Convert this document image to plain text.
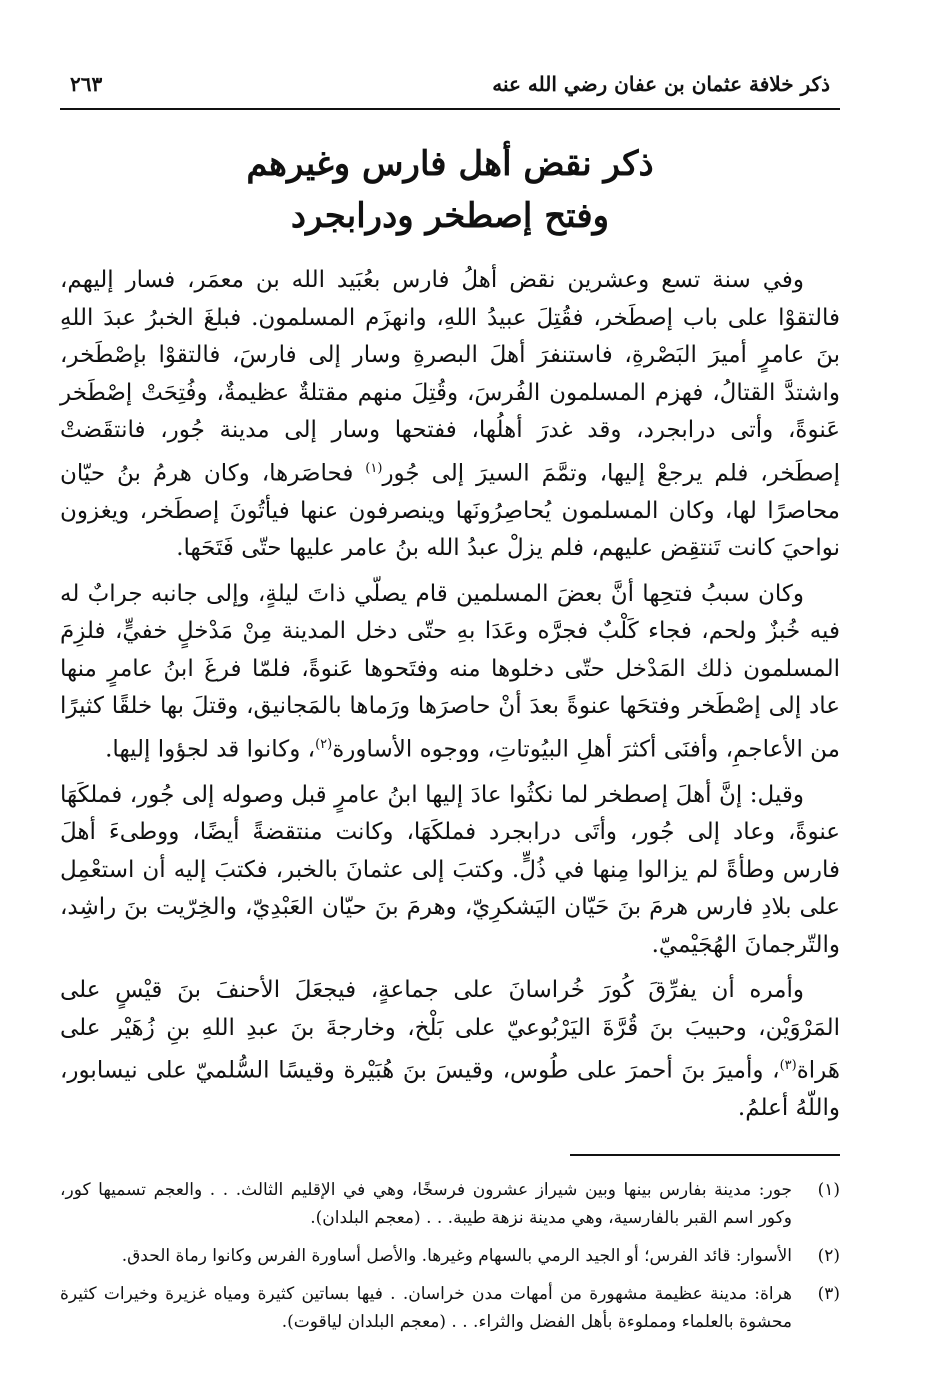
ذكر خلافة عثمان بن عفان رضي الله عنه
٢٦٣
ذكر نقض أهل فارس وغيرهم
وفتح إصطخر ودرابجرد

وفي سنة تسع وعشرين نقض أهلُ فارس بعُبَيد الله بن معمَر، فسار إليهم، فالتقوْا على باب إصطَخر، فقُتِلَ عبيدُ اللهِ، وانهزَم المسلمون. فبلغَ الخبرُ عبدَ اللهِ بنَ عامرٍ أميرَ البَصْرةِ، فاستنفرَ أهلَ البصرةِ وسار إلى فارسَ، فالتقوْا بإصْطَخر، واشتدَّ القتالُ، فهزم المسلمون الفُرسَ، وقُتِلَ منهم مقتلةٌ عظيمةٌ، وفُتِحَتْ إصْطَخر عَنوةً، وأتى درابجرد، وقد غدرَ أهلُها، ففتحها وسار إلى مدينة جُور، فانتقَضتْ إصطَخر، فلم يرجعْ إليها، وتمَّمَ السيرَ إلى جُور$^{(١)}$ فحاصَرها، وكان هرمُ بنُ حيّان محاصرًا لها، وكان المسلمون يُحاصِرُونَها وينصرفون عنها فيأتُونَ إصطَخر، ويغزون نواحيَ كانت تَنتقِض عليهم، فلم يزلْ عبدُ الله بنُ عامر عليها حتّى فَتَحَها.

وكان سببُ فتحِها أنَّ بعضَ المسلمين قام يصلّي ذاتَ ليلةٍ، وإلى جانبه جرابٌ له فيه خُبزٌ ولحم، فجاء كَلْبٌ فجرَّه وعَدَا بهِ حتّى دخل المدينة مِنْ مَدْخلٍ خفيٍّ، فلزِمَ المسلمون ذلك المَدْخل حتّى دخلوها منه وفتَحوها عَنوةً، فلمّا فرغَ ابنُ عامرٍ منها عاد إلى إصْطَخر وفتحَها عنوةً بعدَ أنْ حاصرَها ورَماها بالمَجانيق، وقتلَ بها خلقًا كثيرًا من الأعاجمِ، وأفنَى أكثرَ أهلِ البيُوتاتِ، ووجوه الأساورة$^{(٢)}$، وكانوا قد لجؤوا إليها.

وقيل: إنَّ أهلَ إصطخر لما نكثُوا عادَ إليها ابنُ عامرٍ قبل وصوله إلى جُور، فملكَهَا عنوةً، وعاد إلى جُور، وأتَى درابجرد فملكَهَا، وكانت منتقضةً أيضًا، ووطىءَ أهلَ فارس وطأةً لم يزالوا مِنها في ذُلٍّ. وكتبَ إلى عثمانَ بالخبر، فكتبَ إليه أن استعْمِل على بلادِ فارس هرمَ بنَ حَيّان اليَشكرِيّ، وهرمَ بنَ حيّان العَبْدِيّ، والخِرّيت بنَ راشِد، والتّرجمانَ الهُجَيْميّ.

وأمره أن يفرِّقَ كُورَ خُراسانَ على جماعةٍ، فيجعَلَ الأحنفَ بنَ قيْسٍ على المَرْوَيْن، وحبيبَ بنَ قُرَّةَ اليَرْبُوعيّ على بَلْخ، وخارجةَ بنَ عبدِ اللهِ بنِ زُهَيْر على هَراة$^{(٣)}$، وأميرَ بنَ أحمرَ على طُوس، وقيسَ بنَ هُبَيْرة وقيسًا السُّلميّ على نيسابور، واللّهُ أعلمُ.

(١)
جور: مدينة بفارس بينها وبين شيراز عشرون فرسخًا، وهي في الإقليم الثالث. . . والعجم تسميها كور، وكور اسم القبر بالفارسية، وهي مدينة نزهة طيبة. . . (معجم البلدان).
(٢)
الأسوار: قائد الفرس؛ أو الجيد الرمي بالسهام وغيرها. والأصل أساورة الفرس وكانوا رماة الحدق.
(٣)
هراة: مدينة عظيمة مشهورة من أمهات مدن خراسان. . فيها بساتين كثيرة ومياه غزيرة وخيرات كثيرة محشوة بالعلماء ومملوءة بأهل الفضل والثراء. . . (معجم البلدان لياقوت).
